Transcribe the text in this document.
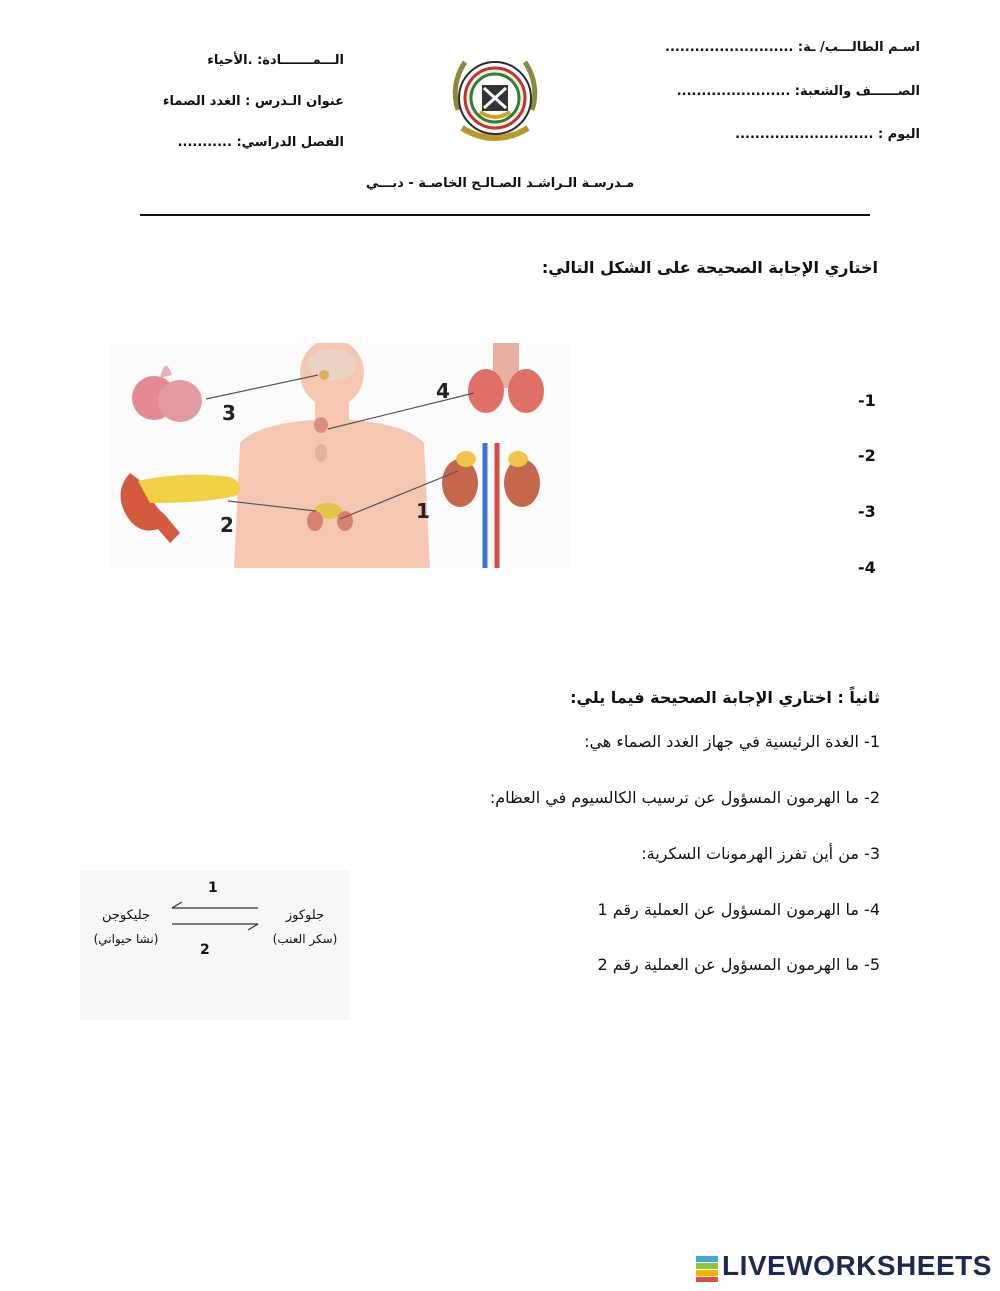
اسـم الطالـــب/ ـة: ..........................
الصــــــف والشعبة: .......................
اليوم : ............................
الـــمـــــــادة: .الأحياء
عنوان الـدرس : الغدد الصماء
الفصل الدراسي: ...........
مـدرسـة الـراشـد الصـالـح الخاصـة - دبـــي
اختاري الإجابة الصحيحة على الشكل التالي:
3
4
2
1
-1
-2
-3
-4
ثانياً : اختاري الإجابة الصحيحة فيما يلي:
1- الغدة الرئيسية في جهاز الغدد الصماء هي:
2- ما الهرمون المسؤول عن ترسيب الكالسيوم في العظام:
3- من أين تفرز الهرمونات السكرية:
4- ما الهرمون المسؤول عن العملية رقم 1
5- ما الهرمون المسؤول عن العملية رقم 2
جليكوجن
(نشا حيواني)
جلوكوز
(سكر العنب)
1
2
LIVEWORKSHEETS
